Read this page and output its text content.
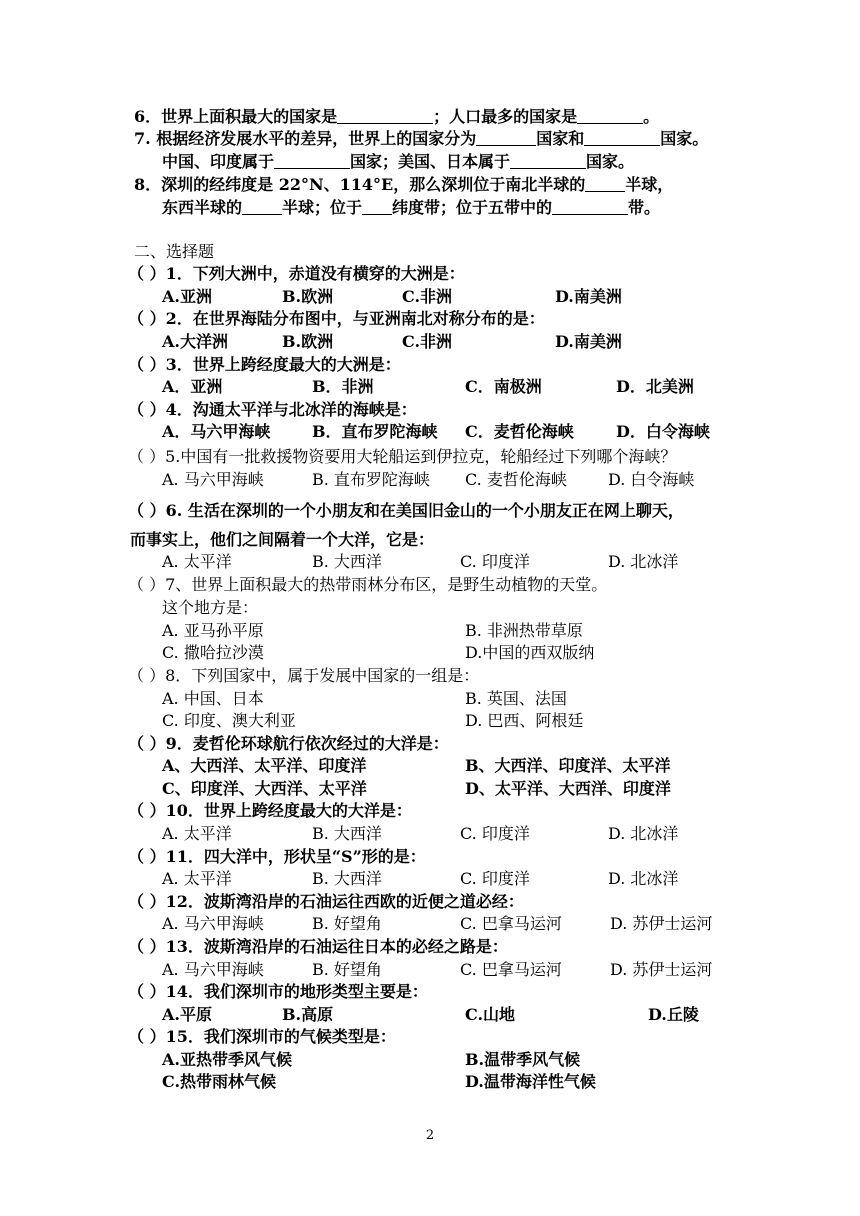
6．世界上面积最大的国家是	；人口最多的国家是	。
7. 根据经济发展水平的差异，世界上的国家分为	国家和	国家。
中国、印度属于	国家；美国、日本属于	国家。
8．深圳的经纬度是 22°N、114°E，那么深圳位于南北半球的	半球，
东西半球的	半球；位于 纬度带；位于五带中的	带。
二、选择题
（ ）1．下列大洲中，赤道没有横穿的大洲是：
A.亚洲	B.欧洲	C.非洲	D.南美洲
（ ）2．在世界海陆分布图中，与亚洲南北对称分布的是：
A.大洋洲	B.欧洲	C.非洲	D.南美洲
（ ）3．世界上跨经度最大的大洲是：
A．亚洲	B．非洲	C．南极洲	D．北美洲
（ ）4．沟通太平洋与北冰洋的海峡是：
A．马六甲海峡	B．直布罗陀海峡 C．麦哲伦海峡	D．白令海峡
（ ）5.中国有一批救援物资要用大轮船运到伊拉克，轮船经过下列哪个海峡？
A. 马六甲海峡	B. 直布罗陀海峡 C. 麦哲伦海峡	D. 白令海峡
（ ）6. 生活在深圳的一个小朋友和在美国旧金山的一个小朋友正在网上聊天，
而事实上，他们之间隔着一个大洋，它是：
A. 太平洋	B. 大西洋	C. 印度洋	D. 北冰洋
（ ）7、世界上面积最大的热带雨林分布区，是野生动植物的天堂。
这个地方是：
A. 亚马孙平原	B. 非洲热带草原
C. 撒哈拉沙漠	D.中国的西双版纳
（ ）8．下列国家中，属于发展中国家的一组是：
A. 中国、日本	B. 英国、法国
C. 印度、澳大利亚	D. 巴西、阿根廷
（ ）9．麦哲伦环球航行依次经过的大洋是：
A、大西洋、太平洋、印度洋	B、大西洋、印度洋、太平洋
C、印度洋、大西洋、太平洋	D、太平洋、大西洋、印度洋
（ ）10．世界上跨经度最大的大洋是：
A. 太平洋	B. 大西洋	C. 印度洋	D. 北冰洋
（ ）11．四大洋中，形状呈“S”形的是：
A. 太平洋	B. 大西洋	C. 印度洋	D. 北冰洋
（ ）12．波斯湾沿岸的石油运往西欧的近便之道必经：
A. 马六甲海峡	B. 好望角	C. 巴拿马运河	D. 苏伊士运河
（ ）13．波斯湾沿岸的石油运往日本的必经之路是：
A. 马六甲海峡	B. 好望角	C. 巴拿马运河	D. 苏伊士运河
（ ）14．我们深圳市的地形类型主要是：
A.平原	B.高原	C.山地	D.丘陵
（ ）15．我们深圳市的气候类型是：
A.亚热带季风气候	B.温带季风气候
C.热带雨林气候	D.温带海洋性气候
2
